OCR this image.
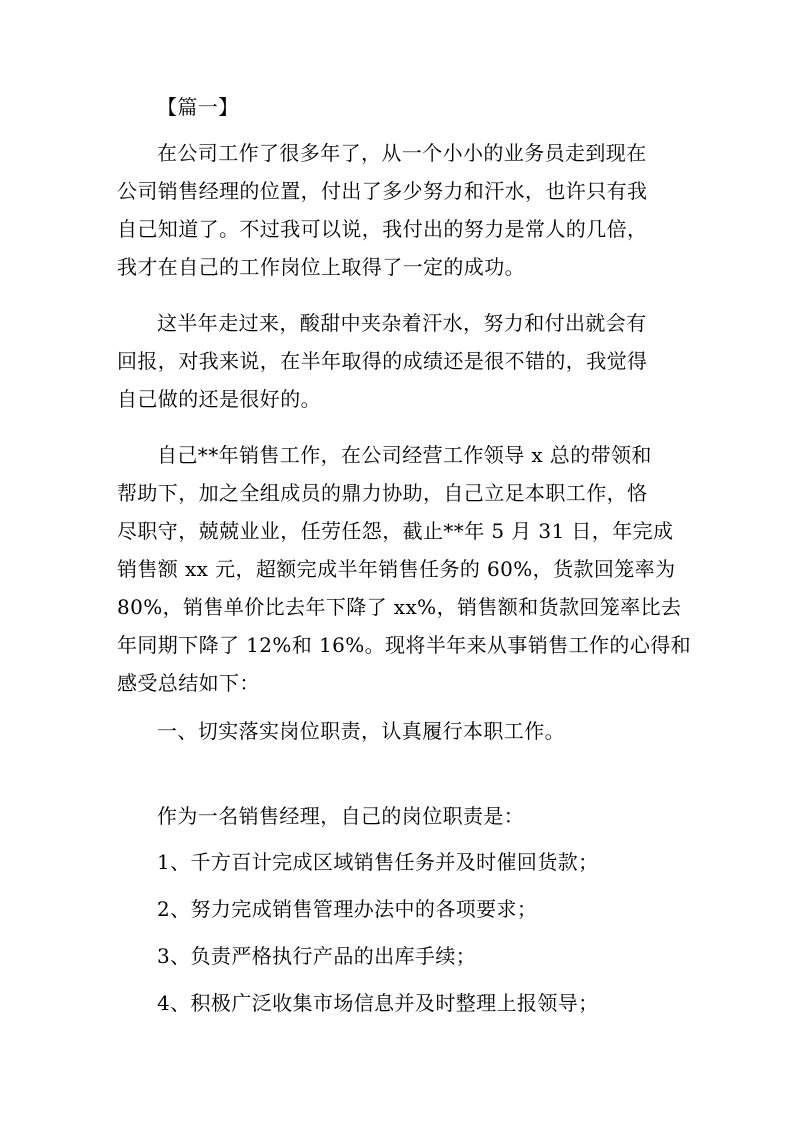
【篇一】
在公司工作了很多年了，从一个小小的业务员走到现在
公司销售经理的位置，付出了多少努力和汗水，也许只有我
自己知道了。不过我可以说，我付出的努力是常人的几倍，
我才在自己的工作岗位上取得了一定的成功。
这半年走过来，酸甜中夹杂着汗水，努力和付出就会有
回报，对我来说，在半年取得的成绩还是很不错的，我觉得
自己做的还是很好的。
自己**年销售工作，在公司经营工作领导 x 总的带领和
帮助下，加之全组成员的鼎力协助，自己立足本职工作，恪
尽职守，兢兢业业，任劳任怨，截止**年 5 月 31 日，年完成
销售额 xx 元，超额完成半年销售任务的 60%，货款回笼率为
80%，销售单价比去年下降了 xx%，销售额和货款回笼率比去
年同期下降了 12%和 16%。现将半年来从事销售工作的心得和
感受总结如下：
一、切实落实岗位职责，认真履行本职工作。
作为一名销售经理，自己的岗位职责是：
1、千方百计完成区域销售任务并及时催回货款；
2、努力完成销售管理办法中的各项要求；
3、负责严格执行产品的出库手续；
4、积极广泛收集市场信息并及时整理上报领导；
